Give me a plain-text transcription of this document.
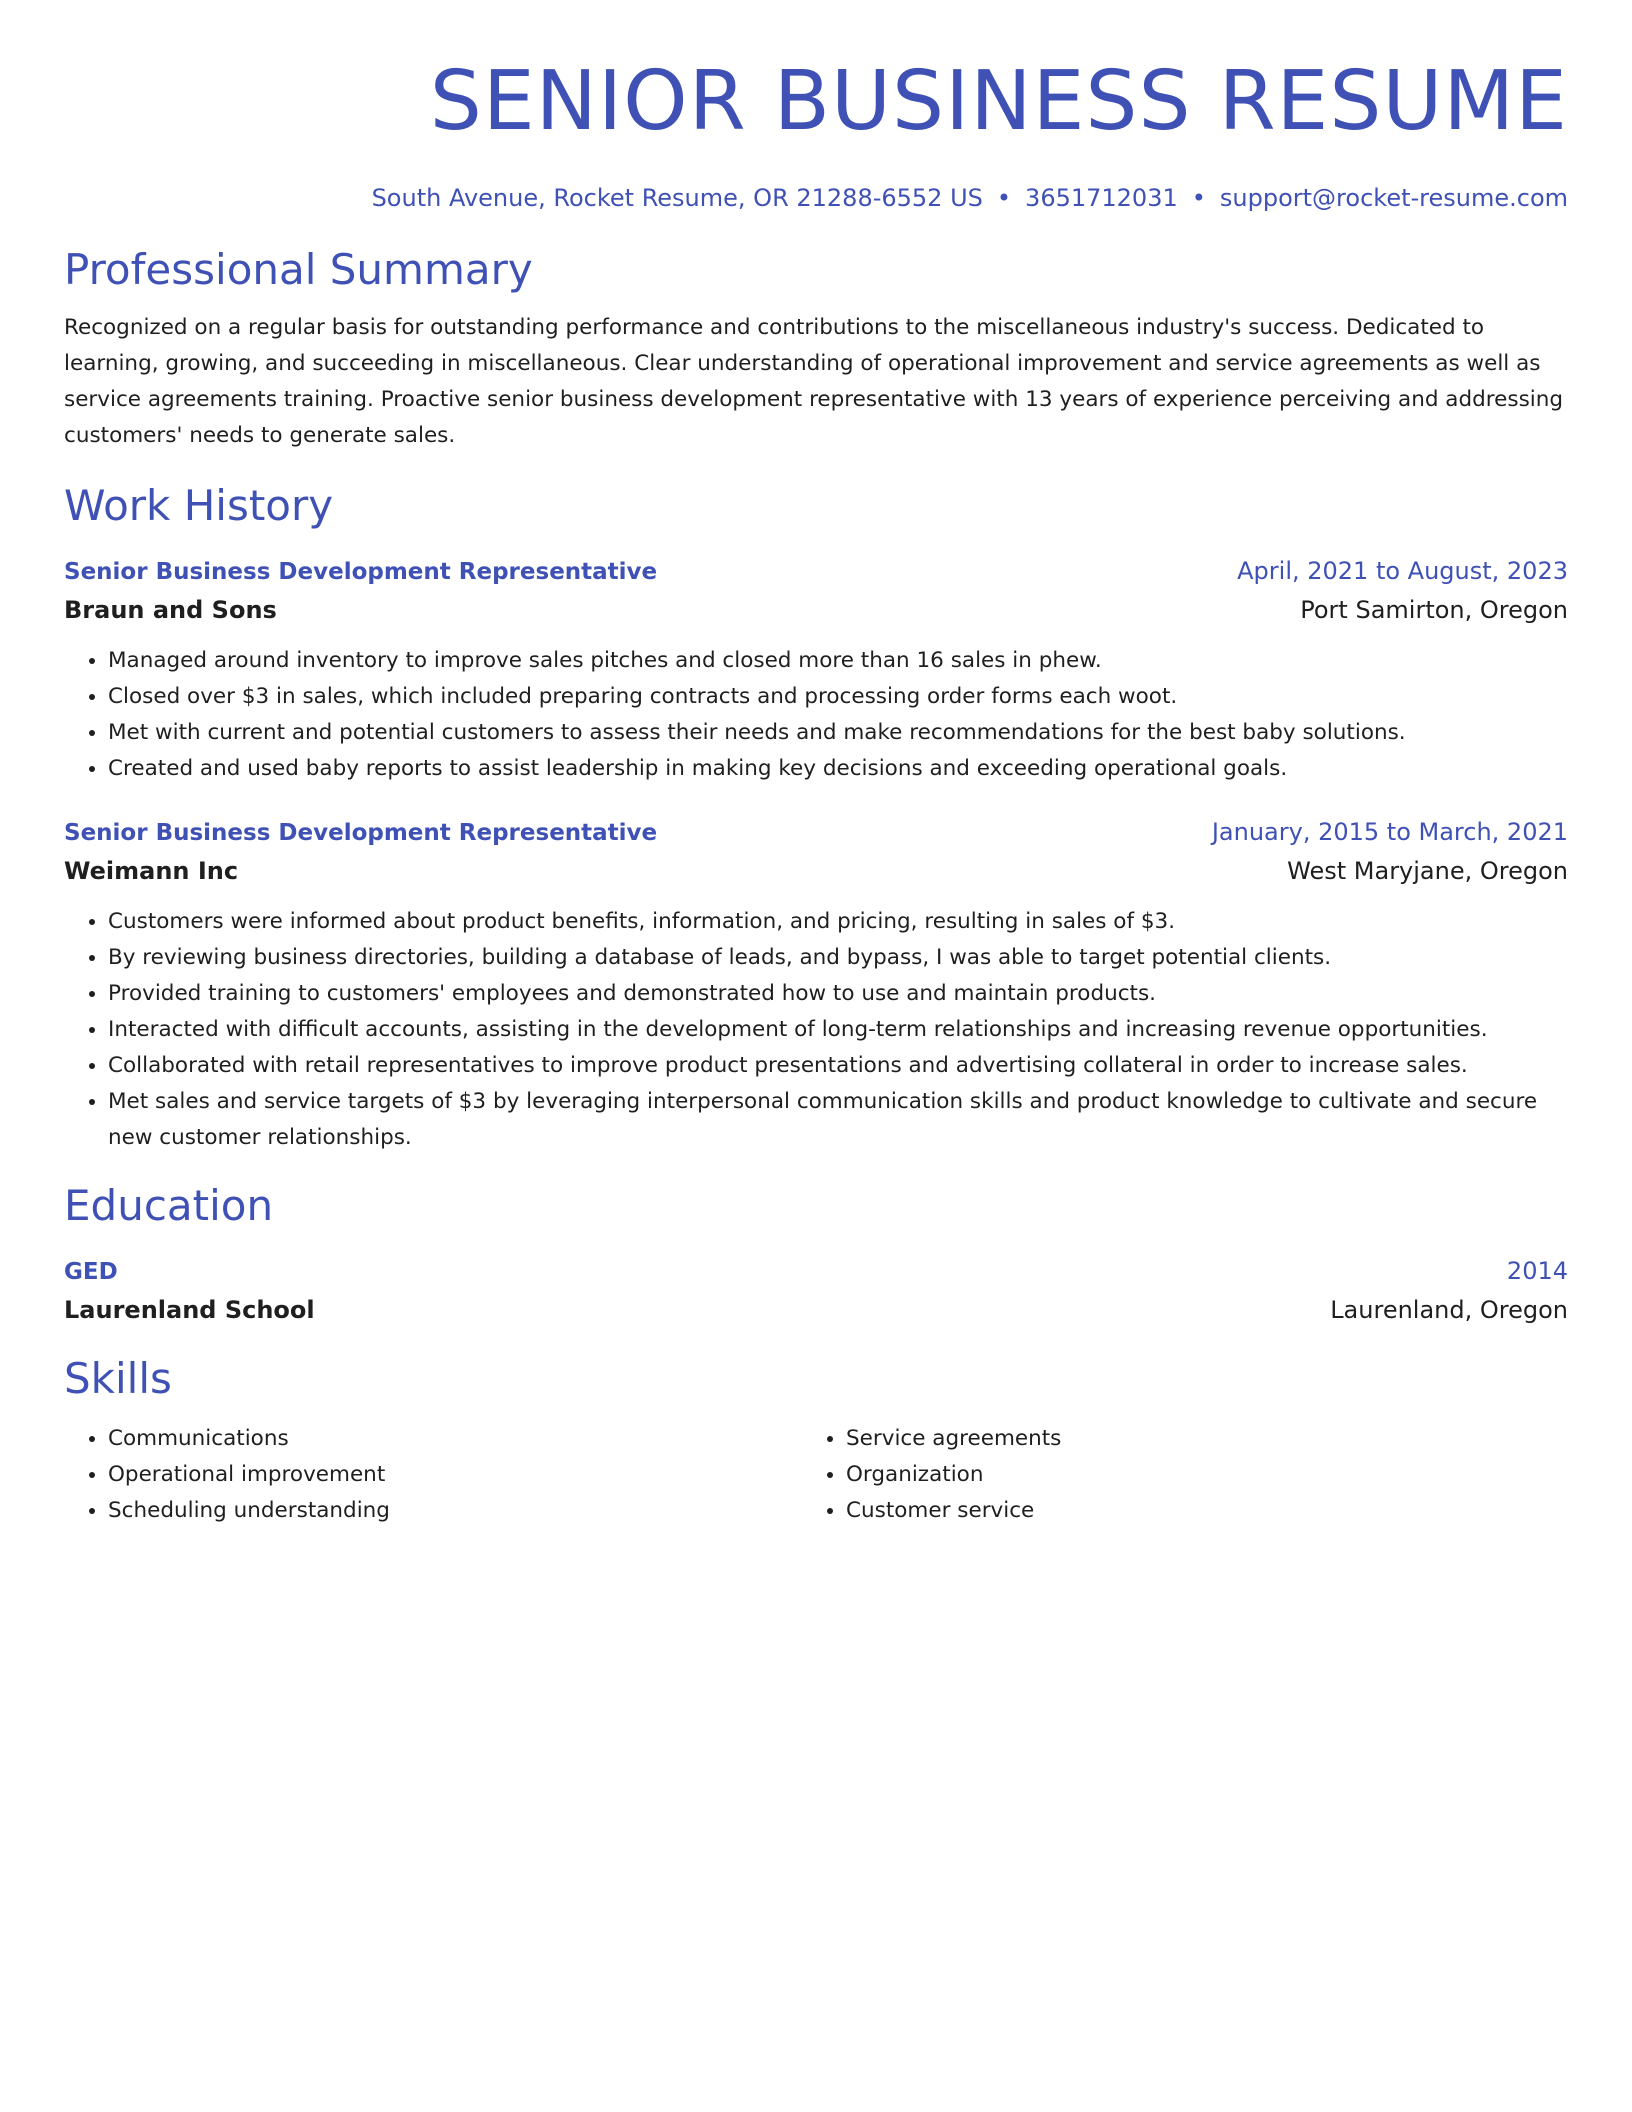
SENIOR BUSINESS RESUME
South Avenue, Rocket Resume, OR 21288-6552 US • 3651712031 • support@rocket-resume.com
Professional Summary
Recognized on a regular basis for outstanding performance and contributions to the miscellaneous industry's success. Dedicated to learning, growing, and succeeding in miscellaneous. Clear understanding of operational improvement and service agreements as well as service agreements training. Proactive senior business development representative with 13 years of experience perceiving and addressing customers' needs to generate sales.
Work History
Senior Business Development Representative	April, 2021 to August, 2023
Braun and Sons	Port Samirton, Oregon
• Managed around inventory to improve sales pitches and closed more than 16 sales in phew.
• Closed over $3 in sales, which included preparing contracts and processing order forms each woot.
• Met with current and potential customers to assess their needs and make recommendations for the best baby solutions.
• Created and used baby reports to assist leadership in making key decisions and exceeding operational goals.
Senior Business Development Representative	January, 2015 to March, 2021
Weimann Inc	West Maryjane, Oregon
• Customers were informed about product benefits, information, and pricing, resulting in sales of $3.
• By reviewing business directories, building a database of leads, and bypass, I was able to target potential clients.
• Provided training to customers' employees and demonstrated how to use and maintain products.
• Interacted with difficult accounts, assisting in the development of long-term relationships and increasing revenue opportunities.
• Collaborated with retail representatives to improve product presentations and advertising collateral in order to increase sales.
• Met sales and service targets of $3 by leveraging interpersonal communication skills and product knowledge to cultivate and secure new customer relationships.
Education
GED	2014
Laurenland School	Laurenland, Oregon
Skills
• Communications
• Operational improvement
• Scheduling understanding
• Service agreements
• Organization
• Customer service
